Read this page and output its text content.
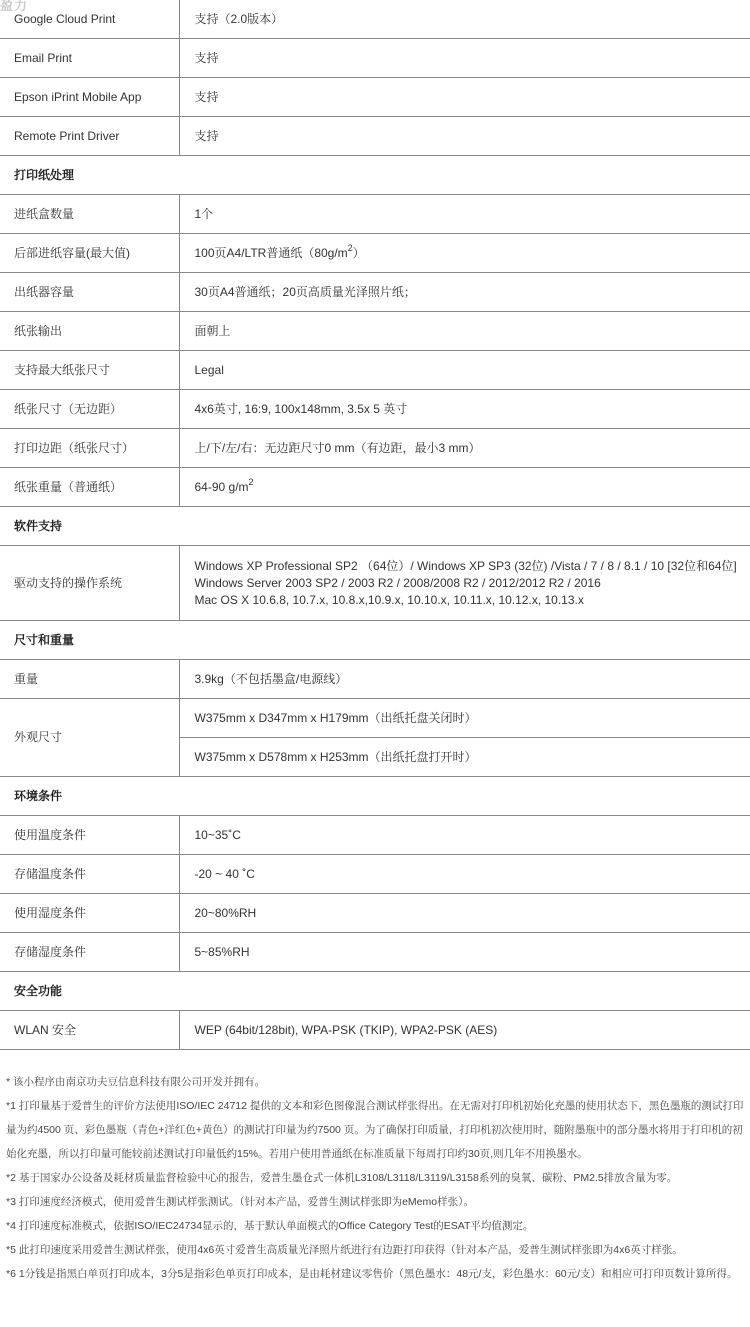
Google Cloud Print	支持（2.0版本）
Email Print	支持
Epson iPrint Mobile App	支持
Remote Print Driver	支持
打印纸处理	
进纸盒数量	1个
后部进纸容量(最大值)	100页A4/LTR普通纸$(80g/m^2)$
出纸器容量	30页A4普通纸；20页高质量光泽照片纸；
纸张输出	面朝上
支持最大纸张尺寸	Legal
纸张尺寸（无边距）	4x6英寸, 16:9, 100x148mm, 3.5x 5 英寸
打印边距（纸张尺寸）	上/下/左/右：无边距尺寸0 mm（有边距，最小3 mm）
纸张重量（普通纸）	64-90 $g/m^2$
软件支持	
驱动支持的操作系统	Windows XP Professional SP2 （64位）/ Windows XP SP3 (32位) /Vista / 7 / 8 / 8.1 / 10 [32位和64位]
Windows Server 2003 SP2 / 2003 R2 / 2008/2008 R2 / 2012/2012 R2 / 2016
Mac OS X 10.6.8, 10.7.x, 10.8.x,10.9.x, 10.10.x, 10.11.x, 10.12.x, 10.13.x

尺寸和重量	
重量	3.9kg（不包括墨盒/电源线）
外观尺寸	W375mm x D347mm x H179mm（出纸托盘关闭时）
	W375mm x D578mm x H253mm（出纸托盘打开时）
环境条件	
使用温度条件	10~35˚C
存储温度条件	-20 ~ 40 ˚C
使用湿度条件	20~80%RH
存储湿度条件	5~85%RH
安全功能	
WLAN 安全	WEP (64bit/128bit), WPA-PSK (TKIP), WPA2-PSK (AES)
盈力

* 该小程序由南京功夫豆信息科技有限公司开发并拥有。

*1 打印量基于爱普生的评价方法使用ISO/IEC 24712 提供的文本和彩色图像混合测试样张得出。在无需对打印机初始化充墨的使用状态下，黑色墨瓶的测试打印量为约4500 页、彩色墨瓶（青色+洋红色+黄色）的测试打印量为约7500 页。为了确保打印质量，打印机初次使用时，随附墨瓶中的部分墨水将用于打印机的初始化充墨，所以打印量可能较前述测试打印量低约15%。若用户使用普通纸在标准质量下每周打印约30页,则几年不用换墨水。

*2 基于国家办公设备及耗材质量监督检验中心的报告，爱普生墨仓式一体机L3108/L3118/L3119/L3158系列的臭氧、碳粉、PM2.5排放含量为零。

*3 打印速度经济模式，使用爱普生测试样张测试。（针对本产品，爱普生测试样张即为eMemo样张）。

*4 打印速度标准模式，依据ISO/IEC24734显示的，基于默认单面模式的Office Category Test的ESAT平均值测定。

*5 此打印速度采用爱普生测试样张，使用4x6英寸爱普生高质量光泽照片纸进行有边距打印获得（针对本产品，爱普生测试样张即为4x6英寸样张。

*6 1分钱是指黑白单页打印成本，3分5是指彩色单页打印成本，是由耗材建议零售价（黑色墨水：48元/支，彩色墨水：60元/支）和相应可打印页数计算所得。
